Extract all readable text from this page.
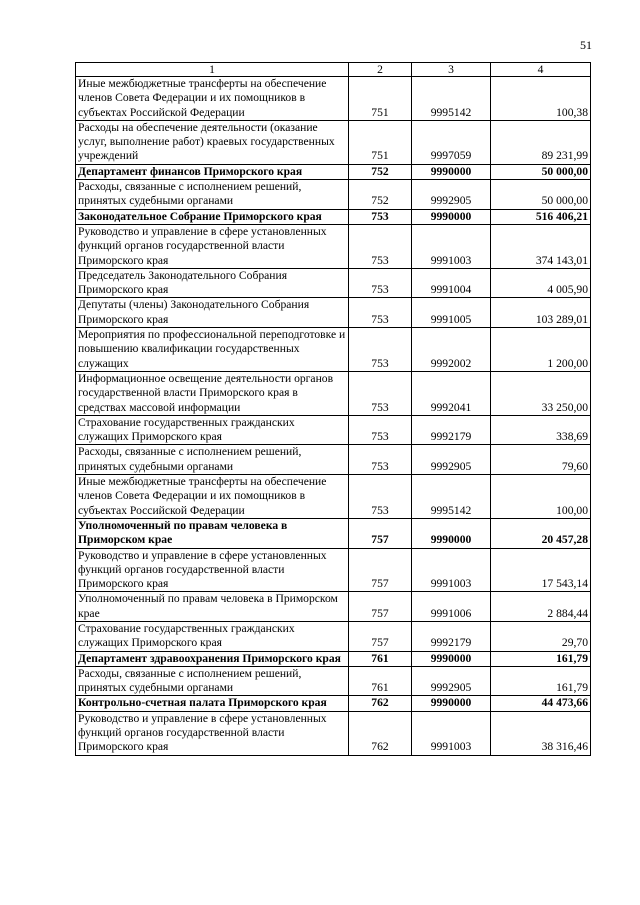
51
1	2	3	4
Иные межбюджетные трансферты на обеспечение членов Совета Федерации и их помощников в субъектах Российской Федерации	751	9995142	100,38
Расходы на обеспечение деятельности (оказание услуг, выполнение работ) краевых государственных учреждений	751	9997059	89 231,99
Департамент финансов Приморского края	752	9990000	50 000,00
Расходы, связанные с исполнением решений, принятых судебными органами	752	9992905	50 000,00
Законодательное Собрание Приморского края	753	9990000	516 406,21
Руководство и управление в сфере установленных функций органов государственной власти Приморского края	753	9991003	374 143,01
Председатель Законодательного Собрания Приморского края	753	9991004	4 005,90
Депутаты (члены) Законодательного Собрания Приморского края	753	9991005	103 289,01
Мероприятия по профессиональной переподготовке и повышению квалификации государственных служащих	753	9992002	1 200,00
Информационное освещение деятельности органов государственной власти Приморского края в средствах массовой информации	753	9992041	33 250,00
Страхование государственных гражданских служащих Приморского края	753	9992179	338,69
Расходы, связанные с исполнением решений, принятых судебными органами	753	9992905	79,60
Иные межбюджетные трансферты на обеспечение членов Совета Федерации и их помощников в субъектах Российской Федерации	753	9995142	100,00
Уполномоченный по правам человека в Приморском крае	757	9990000	20 457,28
Руководство и управление в сфере установленных функций органов государственной власти Приморского края	757	9991003	17 543,14
Уполномоченный по правам человека в Приморском крае	757	9991006	2 884,44
Страхование государственных гражданских служащих Приморского края	757	9992179	29,70
Департамент здравоохранения Приморского края	761	9990000	161,79
Расходы, связанные с исполнением решений, принятых судебными органами	761	9992905	161,79
Контрольно-счетная палата Приморского края	762	9990000	44 473,66
Руководство и управление в сфере установленных функций органов государственной власти Приморского края	762	9991003	38 316,46
